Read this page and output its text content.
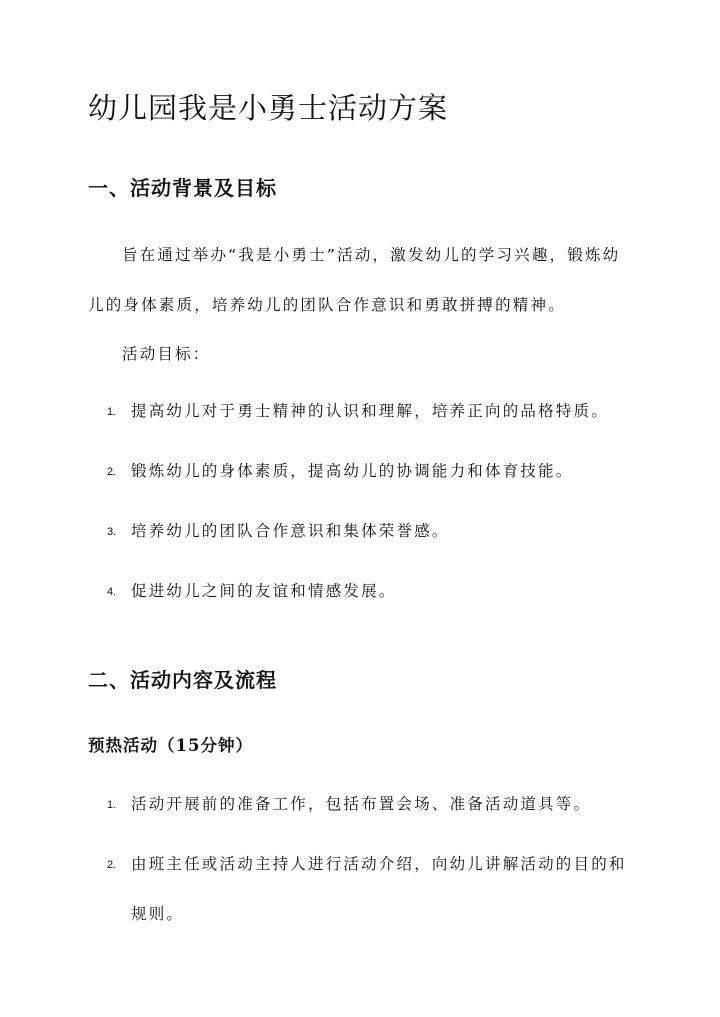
幼儿园我是小勇士活动方案
一、活动背景及目标

旨在通过举办“我是小勇士”活动，激发幼儿的学习兴趣，锻炼幼儿的身体素质，培养幼儿的团队合作意识和勇敢拼搏的精神。

活动目标：

1. 提高幼儿对于勇士精神的认识和理解，培养正向的品格特质。
2. 锻炼幼儿的身体素质，提高幼儿的协调能力和体育技能。
3. 培养幼儿的团队合作意识和集体荣誉感。
4. 促进幼儿之间的友谊和情感发展。
二、活动内容及流程
预热活动（15分钟）
1. 活动开展前的准备工作，包括布置会场、准备活动道具等。
2. 由班主任或活动主持人进行活动介绍，向幼儿讲解活动的目的和规则。
